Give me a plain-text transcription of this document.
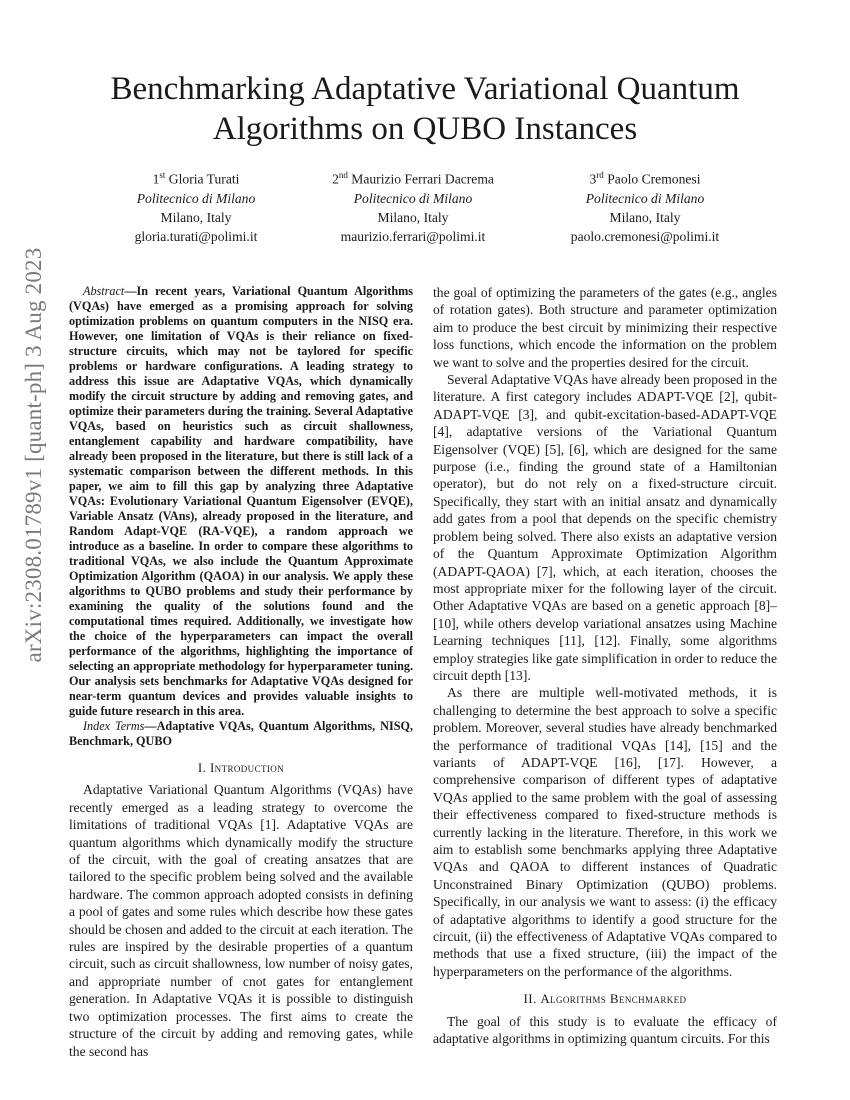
arXiv:2308.01789v1 [quant-ph] 3 Aug 2023
Benchmarking Adaptative Variational Quantum
Algorithms on QUBO Instances
1st Gloria Turati
Politecnico di Milano
Milano, Italy
gloria.turati@polimi.it
2nd Maurizio Ferrari Dacrema
Politecnico di Milano
Milano, Italy
maurizio.ferrari@polimi.it
3rd Paolo Cremonesi
Politecnico di Milano
Milano, Italy
paolo.cremonesi@polimi.it

Abstract—In recent years, Variational Quantum Algorithms (VQAs) have emerged as a promising approach for solving optimization problems on quantum computers in the NISQ era. However, one limitation of VQAs is their reliance on fixed-structure circuits, which may not be taylored for specific problems or hardware configurations. A leading strategy to address this issue are Adaptative VQAs, which dynamically modify the circuit structure by adding and removing gates, and optimize their parameters during the training. Several Adaptative VQAs, based on heuristics such as circuit shallowness, entanglement capability and hardware compatibility, have already been proposed in the literature, but there is still lack of a systematic comparison between the different methods. In this paper, we aim to fill this gap by analyzing three Adaptative VQAs: Evolutionary Variational Quantum Eigensolver (EVQE), Variable Ansatz (VAns), already proposed in the literature, and Random Adapt-VQE (RA-VQE), a random approach we introduce as a baseline. In order to compare these algorithms to traditional VQAs, we also include the Quantum Approximate Optimization Algorithm (QAOA) in our analysis. We apply these algorithms to QUBO problems and study their performance by examining the quality of the solutions found and the computational times required. Additionally, we investigate how the choice of the hyperparameters can impact the overall performance of the algorithms, highlighting the importance of selecting an appropriate methodology for hyperparameter tuning. Our analysis sets benchmarks for Adaptative VQAs designed for near-term quantum devices and provides valuable insights to guide future research in this area.

Index Terms—Adaptative VQAs, Quantum Algorithms, NISQ, Benchmark, QUBO

I. Introduction

Adaptative Variational Quantum Algorithms (VQAs) have recently emerged as a leading strategy to overcome the limitations of traditional VQAs [1]. Adaptative VQAs are quantum algorithms which dynamically modify the structure of the circuit, with the goal of creating ansatzes that are tailored to the specific problem being solved and the available hardware. The common approach adopted consists in defining a pool of gates and some rules which describe how these gates should be chosen and added to the circuit at each iteration. The rules are inspired by the desirable properties of a quantum circuit, such as circuit shallowness, low number of noisy gates, and appropriate number of cnot gates for entanglement generation. In Adaptative VQAs it is possible to distinguish two optimization processes. The first aims to create the structure of the circuit by adding and removing gates, while the second has

the goal of optimizing the parameters of the gates (e.g., angles of rotation gates). Both structure and parameter optimization aim to produce the best circuit by minimizing their respective loss functions, which encode the information on the problem we want to solve and the properties desired for the circuit.

Several Adaptative VQAs have already been proposed in the literature. A first category includes ADAPT-VQE [2], qubit-ADAPT-VQE [3], and qubit-excitation-based-ADAPT-VQE [4], adaptative versions of the Variational Quantum Eigensolver (VQE) [5], [6], which are designed for the same purpose (i.e., finding the ground state of a Hamiltonian operator), but do not rely on a fixed-structure circuit. Specifically, they start with an initial ansatz and dynamically add gates from a pool that depends on the specific chemistry problem being solved. There also exists an adaptative version of the Quantum Approximate Optimization Algorithm (ADAPT-QAOA) [7], which, at each iteration, chooses the most appropriate mixer for the following layer of the circuit. Other Adaptative VQAs are based on a genetic approach [8]–[10], while others develop variational ansatzes using Machine Learning techniques [11], [12]. Finally, some algorithms employ strategies like gate simplification in order to reduce the circuit depth [13].

As there are multiple well-motivated methods, it is challenging to determine the best approach to solve a specific problem. Moreover, several studies have already benchmarked the performance of traditional VQAs [14], [15] and the variants of ADAPT-VQE [16], [17]. However, a comprehensive comparison of different types of adaptative VQAs applied to the same problem with the goal of assessing their effectiveness compared to fixed-structure methods is currently lacking in the literature. Therefore, in this work we aim to establish some benchmarks applying three Adaptative VQAs and QAOA to different instances of Quadratic Unconstrained Binary Optimization (QUBO) problems. Specifically, in our analysis we want to assess: (i) the efficacy of adaptative algorithms to identify a good structure for the circuit, (ii) the effectiveness of Adaptative VQAs compared to methods that use a fixed structure, (iii) the impact of the hyperparameters on the performance of the algorithms.

II. Algorithms Benchmarked

The goal of this study is to evaluate the efficacy of adaptative algorithms in optimizing quantum circuits. For this
